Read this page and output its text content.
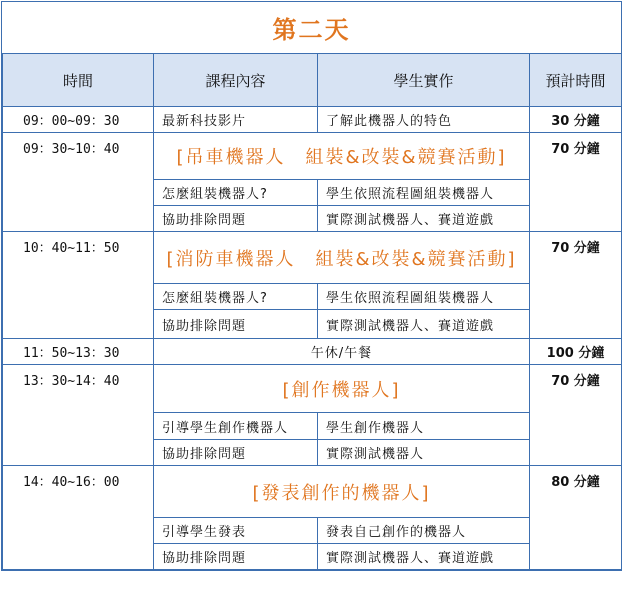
第二天
時間	課程內容	學生實作	預計時間
09：00~09：30	最新科技影片	了解此機器人的特色	30 分鐘
09：30~10：40	[吊車機器人　組裝&改裝&競賽活動]		70 分鐘
	怎麼組裝機器人?	學生依照流程圖組裝機器人	
	協助排除問題	實際測試機器人、賽道遊戲	
10：40~11：50	[消防車機器人　組裝&改裝&競賽活動]		70 分鐘
	怎麼組裝機器人?	學生依照流程圖組裝機器人	
	協助排除問題	實際測試機器人、賽道遊戲	
11：50~13：30	午休/午餐		100 分鐘
13：30~14：40	[創作機器人]		70 分鐘
	引導學生創作機器人	學生創作機器人	
	協助排除問題	實際測試機器人	
14：40~16：00	[發表創作的機器人]		80 分鐘
	引導學生發表	發表自己創作的機器人	
	協助排除問題	實際測試機器人、賽道遊戲	
